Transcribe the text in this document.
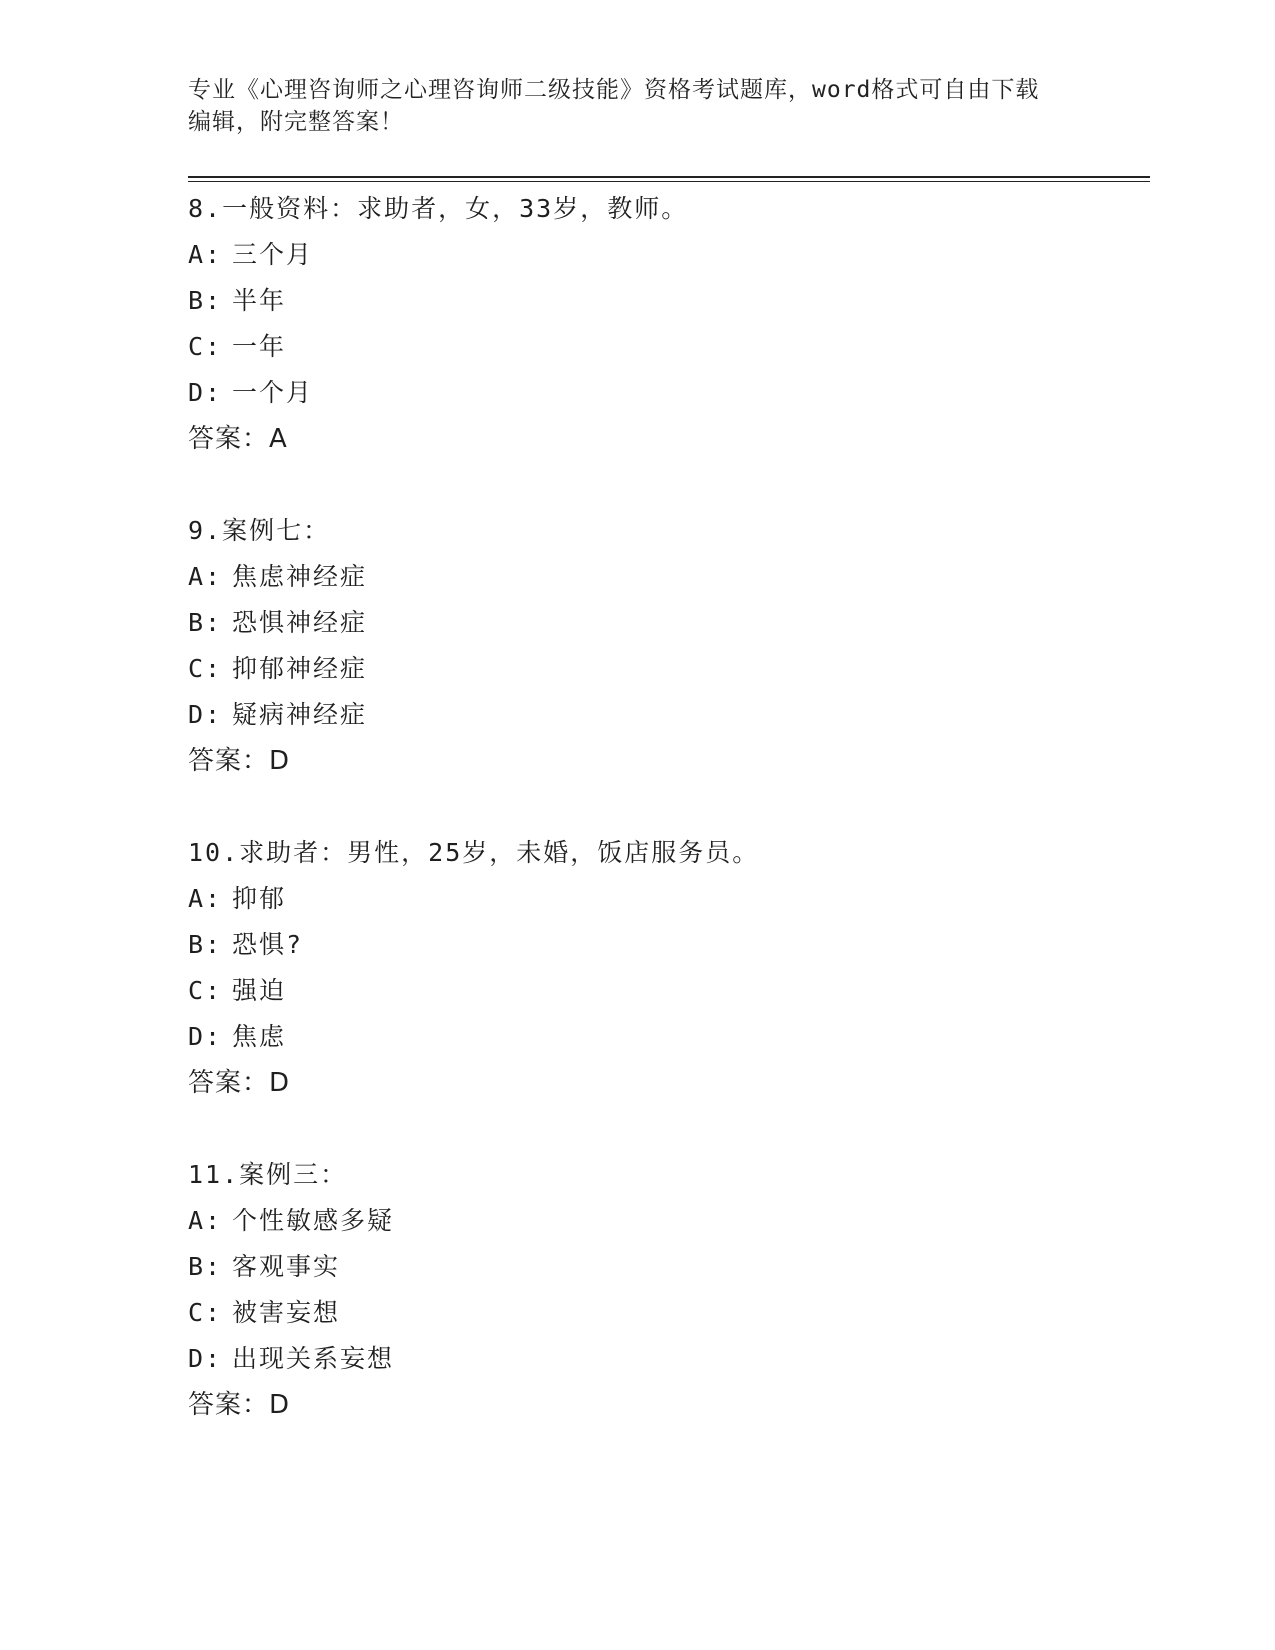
专业《心理咨询师之心理咨询师二级技能》资格考试题库，word格式可自由下载
编辑，附完整答案！
8.一般资料：求助者，女，33岁，教师。
A: 三个月
B: 半年
C: 一年
D: 一个月
答案：A
9.案例七：
A: 焦虑神经症
B: 恐惧神经症
C: 抑郁神经症
D: 疑病神经症
答案：D
10.求助者：男性，25岁，未婚，饭店服务员。
A: 抑郁
B: 恐惧?
C: 强迫
D: 焦虑
答案：D
11.案例三：
A: 个性敏感多疑
B: 客观事实
C: 被害妄想
D: 出现关系妄想
答案：D
